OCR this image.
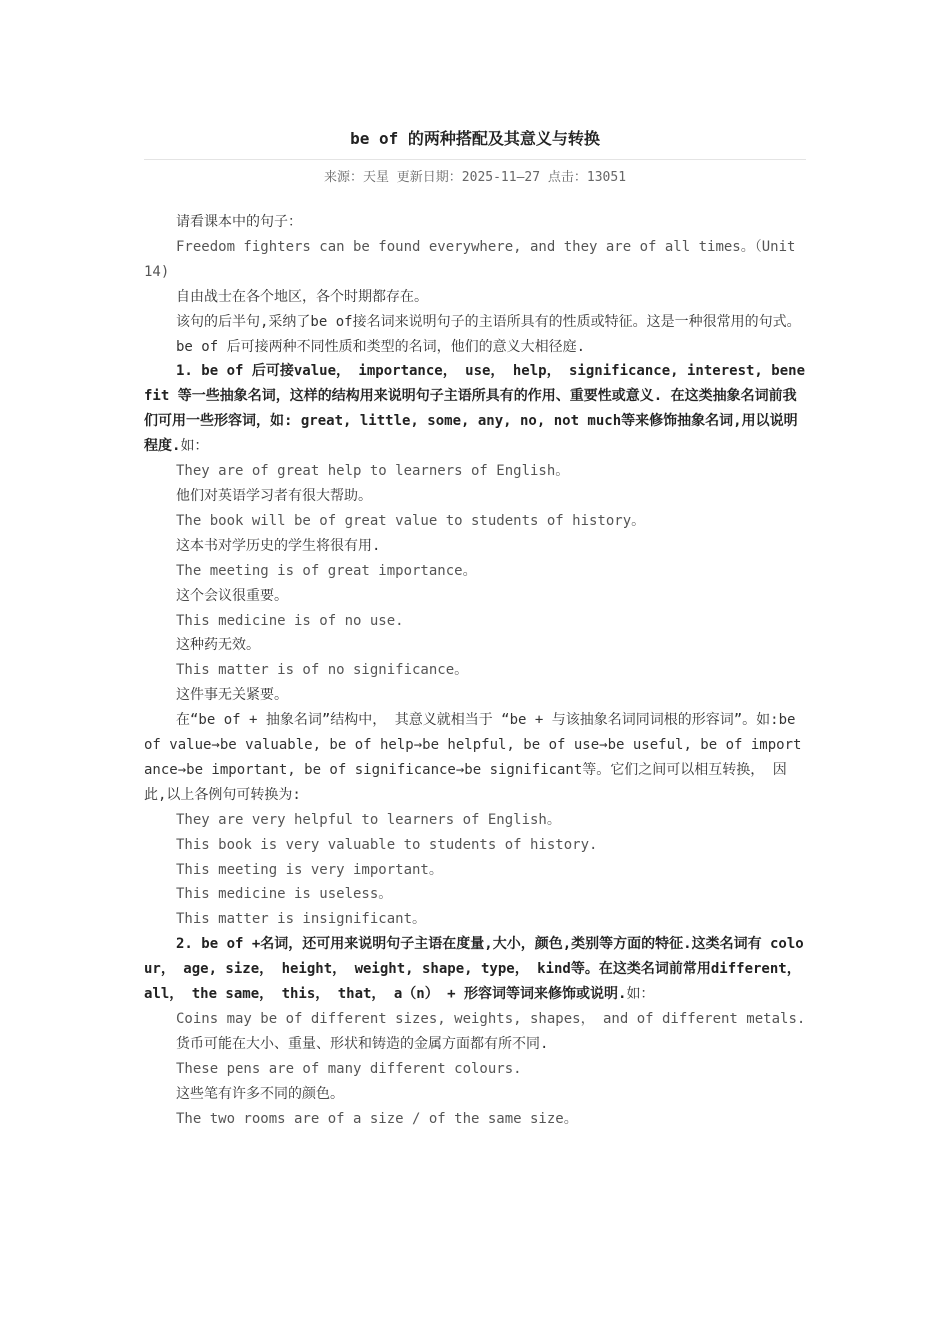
be of 的两种搭配及其意义与转换
来源：天星 更新日期：2025-11—27 点击：13051

请看课本中的句子：

Freedom fighters can be found everywhere, and they are of all times。（Unit 14)

自由战士在各个地区，各个时期都存在。

该句的后半句,采纳了be of接名词来说明句子的主语所具有的性质或特征。这是一种很常用的句式。

be of 后可接两种不同性质和类型的名词，他们的意义大相径庭.

1. be of 后可接value， importance， use， help， significance, interest, benefit 等一些抽象名词，这样的结构用来说明句子主语所具有的作用、重要性或意义. 在这类抽象名词前我们可用一些形容词，如: great, little, some, any, no, not much等来修饰抽象名词,用以说明程度.如：

They are of great help to learners of English。

他们对英语学习者有很大帮助。

The book will be of great value to students of history。

这本书对学历史的学生将很有用.

The meeting is of great importance。

这个会议很重要。

This medicine is of no use.

这种药无效。

This matter is of no significance。

这件事无关紧要。

在“be of + 抽象名词”结构中， 其意义就相当于 “be + 与该抽象名词同词根的形容词”。如:be of value→be valuable, be of help→be helpful, be of use→be useful, be of importance→be important, be of significance→be significant等。它们之间可以相互转换， 因此,以上各例句可转换为:

They are very helpful to learners of English。

This book is very valuable to students of history.

This meeting is very important。

This medicine is useless。

This matter is insignificant。

2. be of +名词，还可用来说明句子主语在度量,大小，颜色,类别等方面的特征.这类名词有 colour， age, size， height， weight, shape, type， kind等。在这类名词前常用different， all， the same， this， that， a（n） + 形容词等词来修饰或说明.如：

Coins may be of different sizes, weights, shapes， and of different metals.

货币可能在大小、重量、形状和铸造的金属方面都有所不同.

These pens are of many different colours.

这些笔有许多不同的颜色。

The two rooms are of a size / of the same size。
